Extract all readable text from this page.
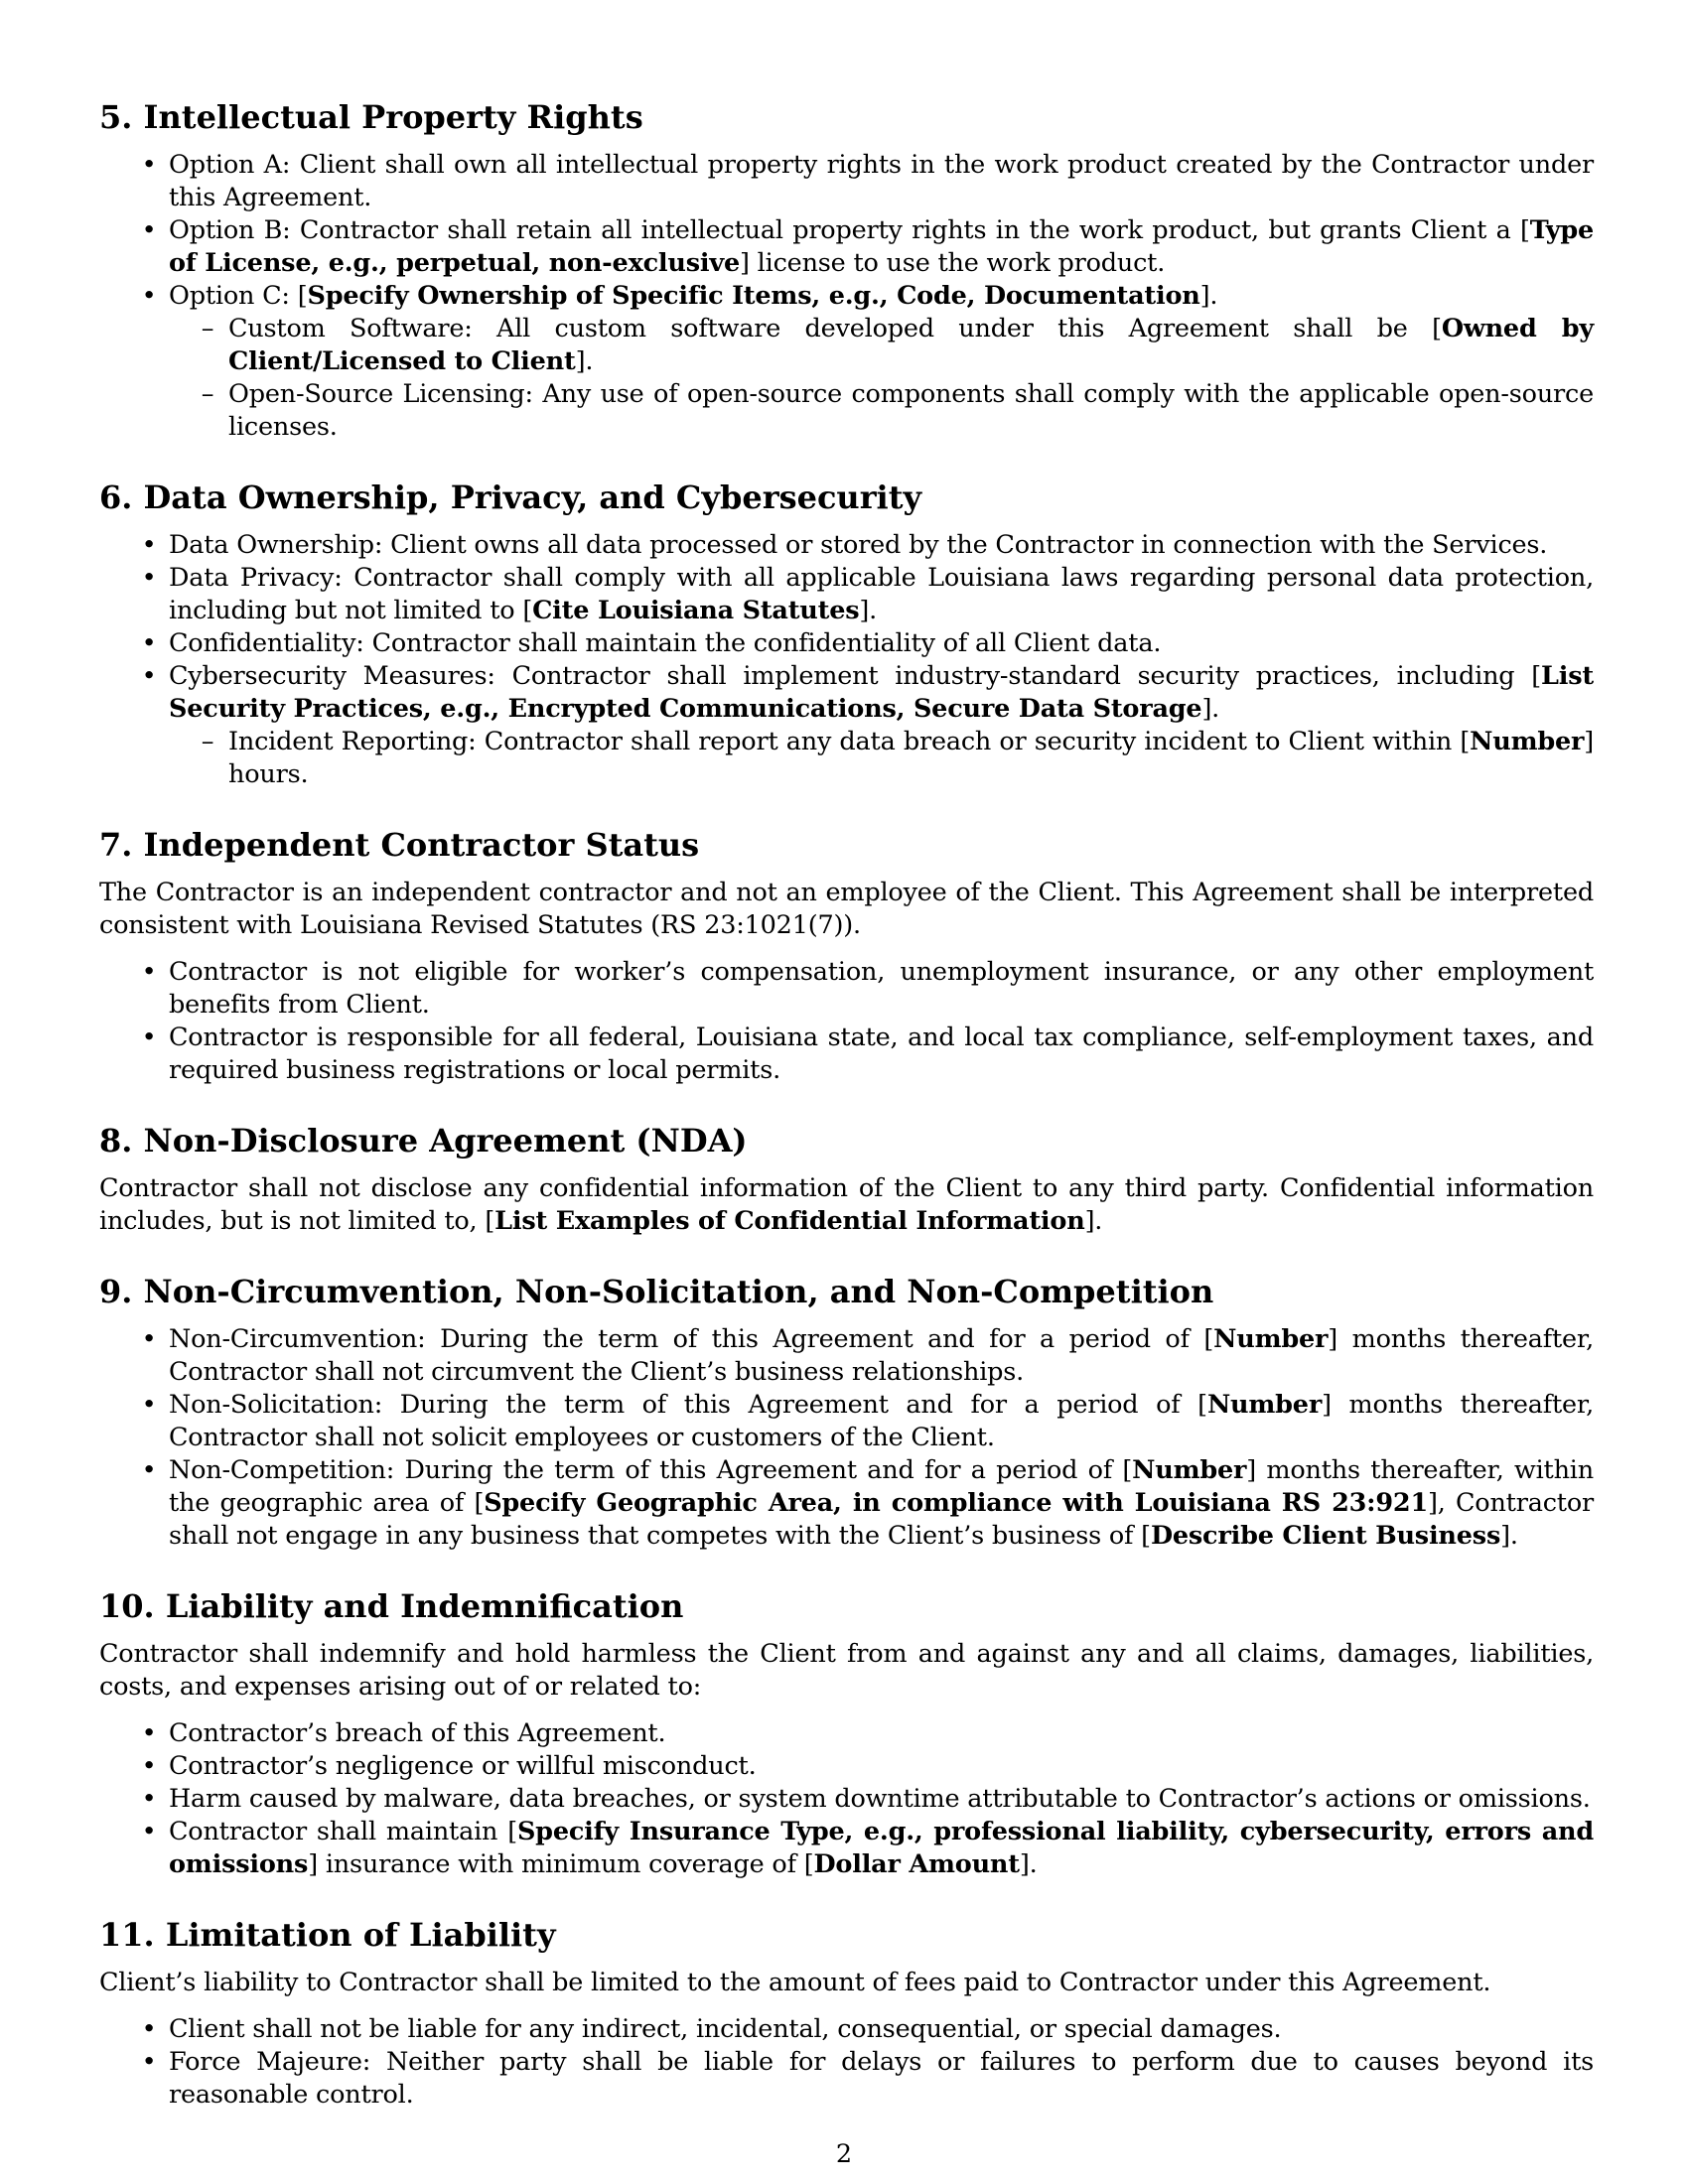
5. Intellectual Property Rights
• Option A: Client shall own all intellectual property rights in the work product created by the Contractor under this Agreement.
• Option B: Contractor shall retain all intellectual property rights in the work product, but grants Client a [Type of License, e.g., perpetual, non-exclusive] license to use the work product.
• Option C: [Specify Ownership of Specific Items, e.g., Code, Documentation].
– Custom Software: All custom software developed under this Agreement shall be [Owned by Client/Licensed to Client].
– Open-Source Licensing: Any use of open-source components shall comply with the applicable open-source licenses.
6. Data Ownership, Privacy, and Cybersecurity
• Data Ownership: Client owns all data processed or stored by the Contractor in connection with the Services.
• Data Privacy: Contractor shall comply with all applicable Louisiana laws regarding personal data protection, including but not limited to [Cite Louisiana Statutes].
• Confidentiality: Contractor shall maintain the confidentiality of all Client data.
• Cybersecurity Measures: Contractor shall implement industry-standard security practices, including [List Security Practices, e.g., Encrypted Communications, Secure Data Storage].
– Incident Reporting: Contractor shall report any data breach or security incident to Client within [Number] hours.
7. Independent Contractor Status

The Contractor is an independent contractor and not an employee of the Client. This Agreement shall be interpreted consistent with Louisiana Revised Statutes (RS 23:1021(7)).

• Contractor is not eligible for worker’s compensation, unemployment insurance, or any other employment benefits from Client.
• Contractor is responsible for all federal, Louisiana state, and local tax compliance, self-employment taxes, and required business registrations or local permits.
8. Non-Disclosure Agreement (NDA)

Contractor shall not disclose any confidential information of the Client to any third party. Confidential information includes, but is not limited to, [List Examples of Confidential Information].

9. Non-Circumvention, Non-Solicitation, and Non-Competition
• Non-Circumvention: During the term of this Agreement and for a period of [Number] months thereafter, Contractor shall not circumvent the Client’s business relationships.
• Non-Solicitation: During the term of this Agreement and for a period of [Number] months thereafter, Contractor shall not solicit employees or customers of the Client.
• Non-Competition: During the term of this Agreement and for a period of [Number] months thereafter, within the geographic area of [Specify Geographic Area, in compliance with Louisiana RS 23:921], Contractor shall not engage in any business that competes with the Client’s business of [Describe Client Business].
10. Liability and Indemnification

Contractor shall indemnify and hold harmless the Client from and against any and all claims, damages, liabilities, costs, and expenses arising out of or related to:

• Contractor’s breach of this Agreement.
• Contractor’s negligence or willful misconduct.
• Harm caused by malware, data breaches, or system downtime attributable to Contractor’s actions or omissions.
• Contractor shall maintain [Specify Insurance Type, e.g., professional liability, cybersecurity, errors and omissions] insurance with minimum coverage of [Dollar Amount].
11. Limitation of Liability

Client’s liability to Contractor shall be limited to the amount of fees paid to Contractor under this Agreement.

• Client shall not be liable for any indirect, incidental, consequential, or special damages.
• Force Majeure: Neither party shall be liable for delays or failures to perform due to causes beyond its reasonable control.
2
